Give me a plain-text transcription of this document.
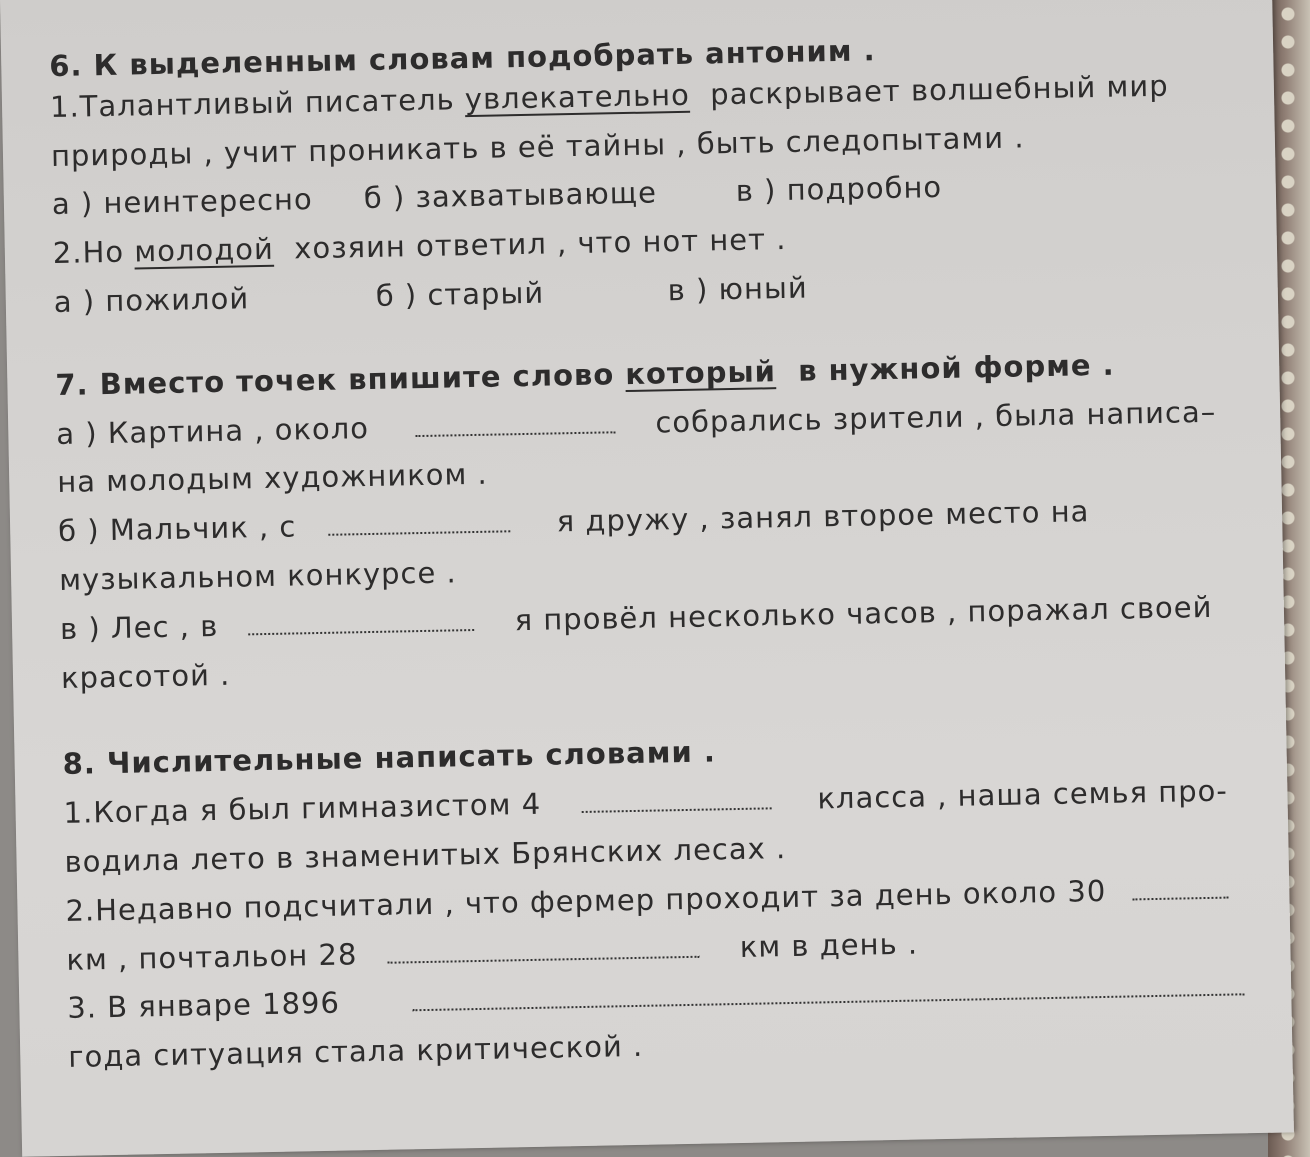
6. К выделенным словам подобрать антоним .
1.Талантливый писатель увлекательно раскрывает волшебный мир
природы , учит проникать в её тайны , быть следопытами .
а ) неинтересно	б ) захватывающе	в ) подробно
2.Но молодой хозяин ответил , что нот нет .
а ) пожилой	б ) старый	в ) юный
7. Вместо точек впишите слово который в нужной форме .
а ) Картина , около	собрались зрители , была написа–
на молодым художником .
б ) Мальчик , с	я дружу , занял второе место на
музыкальном конкурсе .
в ) Лес , в	я провёл несколько часов , поражал своей
красотой .
8. Числительные написать словами .
1.Когда я был гимназистом 4	класса , наша семья про-
водила лето в знаменитых Брянских лесах .
2.Недавно подсчитали , что фермер проходит за день около 30
км , почтальон 28	км в день .
3. В январе 1896
года ситуация стала критической .
